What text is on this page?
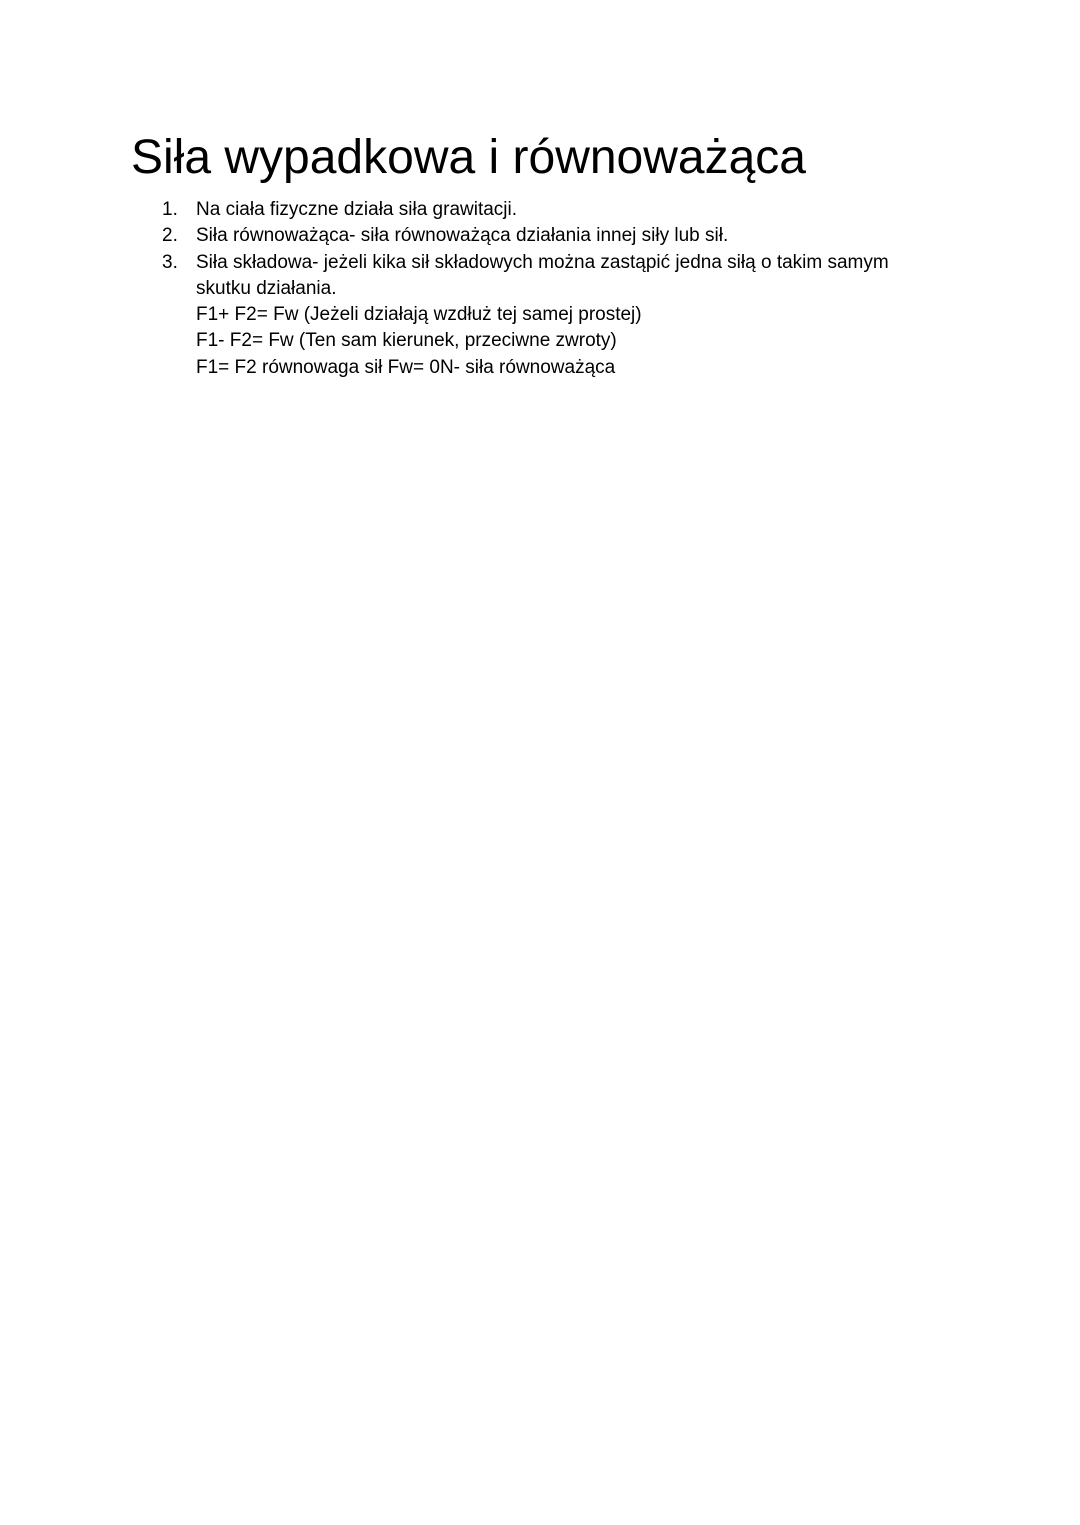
Siła wypadkowa i równoważąca
1. Na ciała fizyczne działa siła grawitacji.
2. Siła równoważąca- siła równoważąca działania innej siły lub sił.
3. Siła składowa- jeżeli kika sił składowych można zastąpić jedna siłą o takim samym
skutku działania.
F1+ F2= Fw (Jeżeli działają wzdłuż tej samej prostej)
F1- F2= Fw (Ten sam kierunek, przeciwne zwroty)
F1= F2 równowaga sił Fw= 0N- siła równoważąca
